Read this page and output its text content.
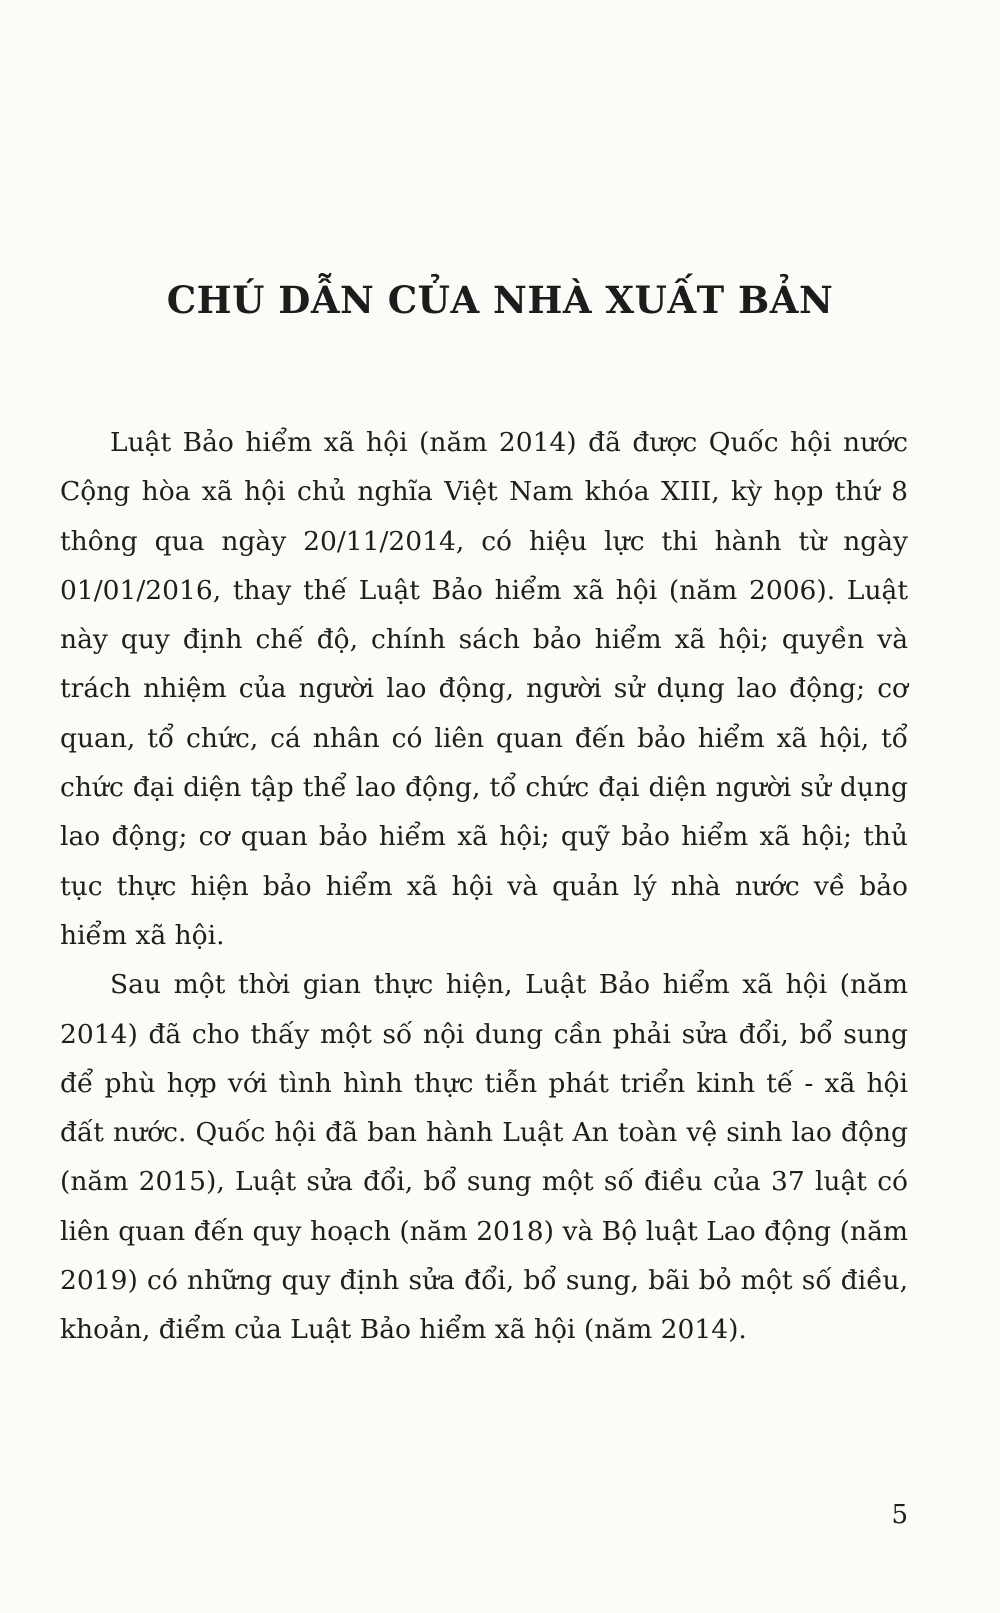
CHÚ DẪN CỦA NHÀ XUẤT BẢN

Luật Bảo hiểm xã hội (năm 2014) đã được Quốc hội nước Cộng hòa xã hội chủ nghĩa Việt Nam khóa XIII, kỳ họp thứ 8 thông qua ngày 20/11/2014, có hiệu lực thi hành từ ngày 01/01/2016, thay thế Luật Bảo hiểm xã hội (năm 2006). Luật này quy định chế độ, chính sách bảo hiểm xã hội; quyền và trách nhiệm của người lao động, người sử dụng lao động; cơ quan, tổ chức, cá nhân có liên quan đến bảo hiểm xã hội, tổ chức đại diện tập thể lao động, tổ chức đại diện người sử dụng lao động; cơ quan bảo hiểm xã hội; quỹ bảo hiểm xã hội; thủ tục thực hiện bảo hiểm xã hội và quản lý nhà nước về bảo hiểm xã hội.

Sau một thời gian thực hiện, Luật Bảo hiểm xã hội (năm 2014) đã cho thấy một số nội dung cần phải sửa đổi, bổ sung để phù hợp với tình hình thực tiễn phát triển kinh tế - xã hội đất nước. Quốc hội đã ban hành Luật An toàn vệ sinh lao động (năm 2015), Luật sửa đổi, bổ sung một số điều của 37 luật có liên quan đến quy hoạch (năm 2018) và Bộ luật Lao động (năm 2019) có những quy định sửa đổi, bổ sung, bãi bỏ một số điều, khoản, điểm của Luật Bảo hiểm xã hội (năm 2014).

5
